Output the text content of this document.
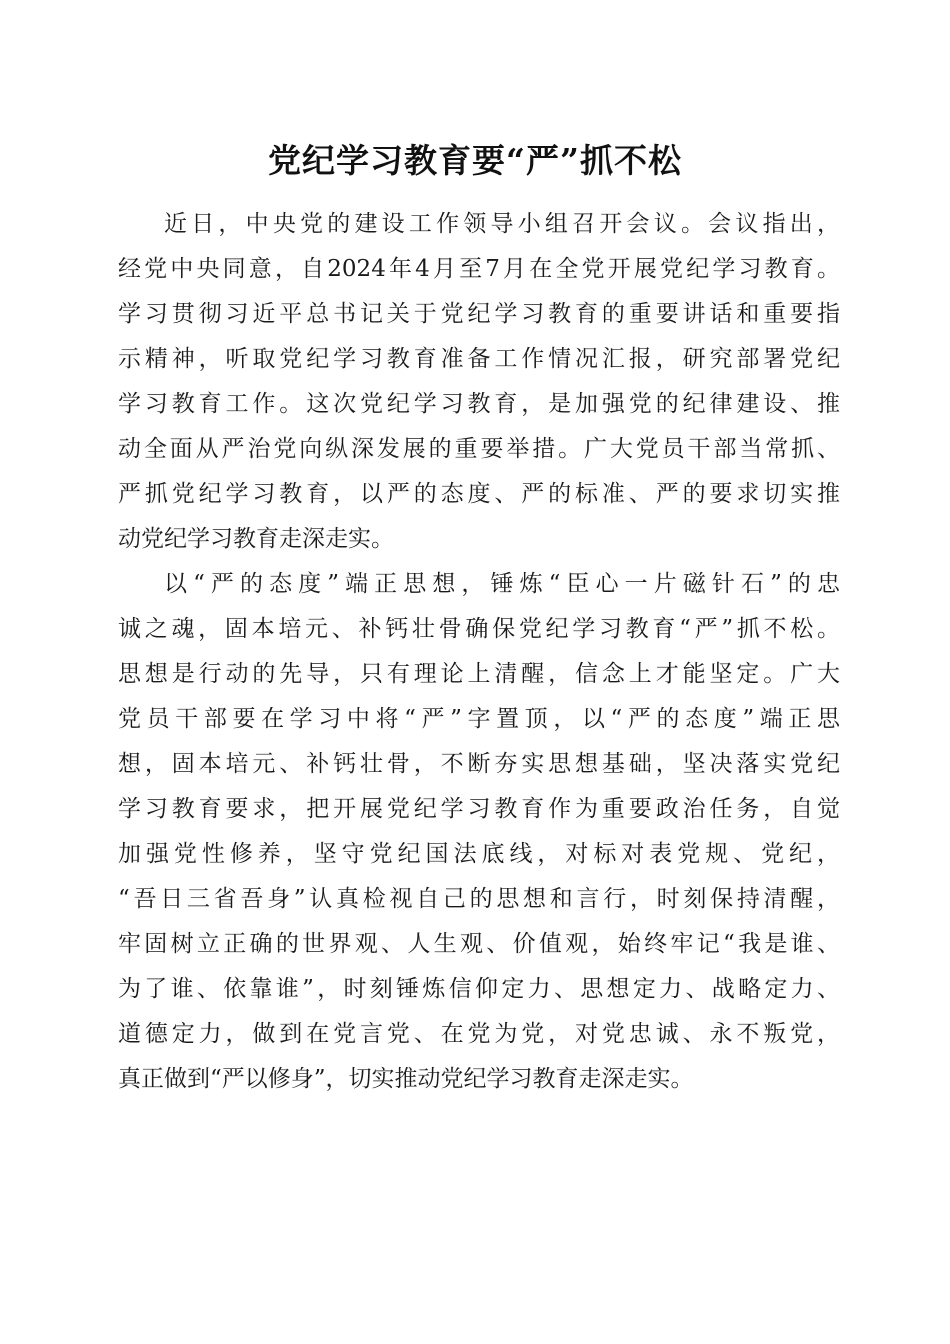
党纪学习教育要“严”抓不松
近日，中央党的建设工作领导小组召开会议。会议指出，
经党中央同意，自2024年4月至7月在全党开展党纪学习教育。
学习贯彻习近平总书记关于党纪学习教育的重要讲话和重要指
示精神，听取党纪学习教育准备工作情况汇报，研究部署党纪
学习教育工作。这次党纪学习教育，是加强党的纪律建设、推
动全面从严治党向纵深发展的重要举措。广大党员干部当常抓、
严抓党纪学习教育，以严的态度、严的标准、严的要求切实推
动党纪学习教育走深走实。
以“严的态度”端正思想，锤炼“臣心一片磁针石”的忠
诚之魂，固本培元、补钙壮骨确保党纪学习教育“严”抓不松。
思想是行动的先导，只有理论上清醒，信念上才能坚定。广大
党员干部要在学习中将“严”字置顶，以“严的态度”端正思
想，固本培元、补钙壮骨，不断夯实思想基础，坚决落实党纪
学习教育要求，把开展党纪学习教育作为重要政治任务，自觉
加强党性修养，坚守党纪国法底线，对标对表党规、党纪，
“吾日三省吾身”认真检视自己的思想和言行，时刻保持清醒，
牢固树立正确的世界观、人生观、价值观，始终牢记“我是谁、
为了谁、依靠谁”，时刻锤炼信仰定力、思想定力、战略定力、
道德定力，做到在党言党、在党为党，对党忠诚、永不叛党，
真正做到“严以修身”，切实推动党纪学习教育走深走实。
